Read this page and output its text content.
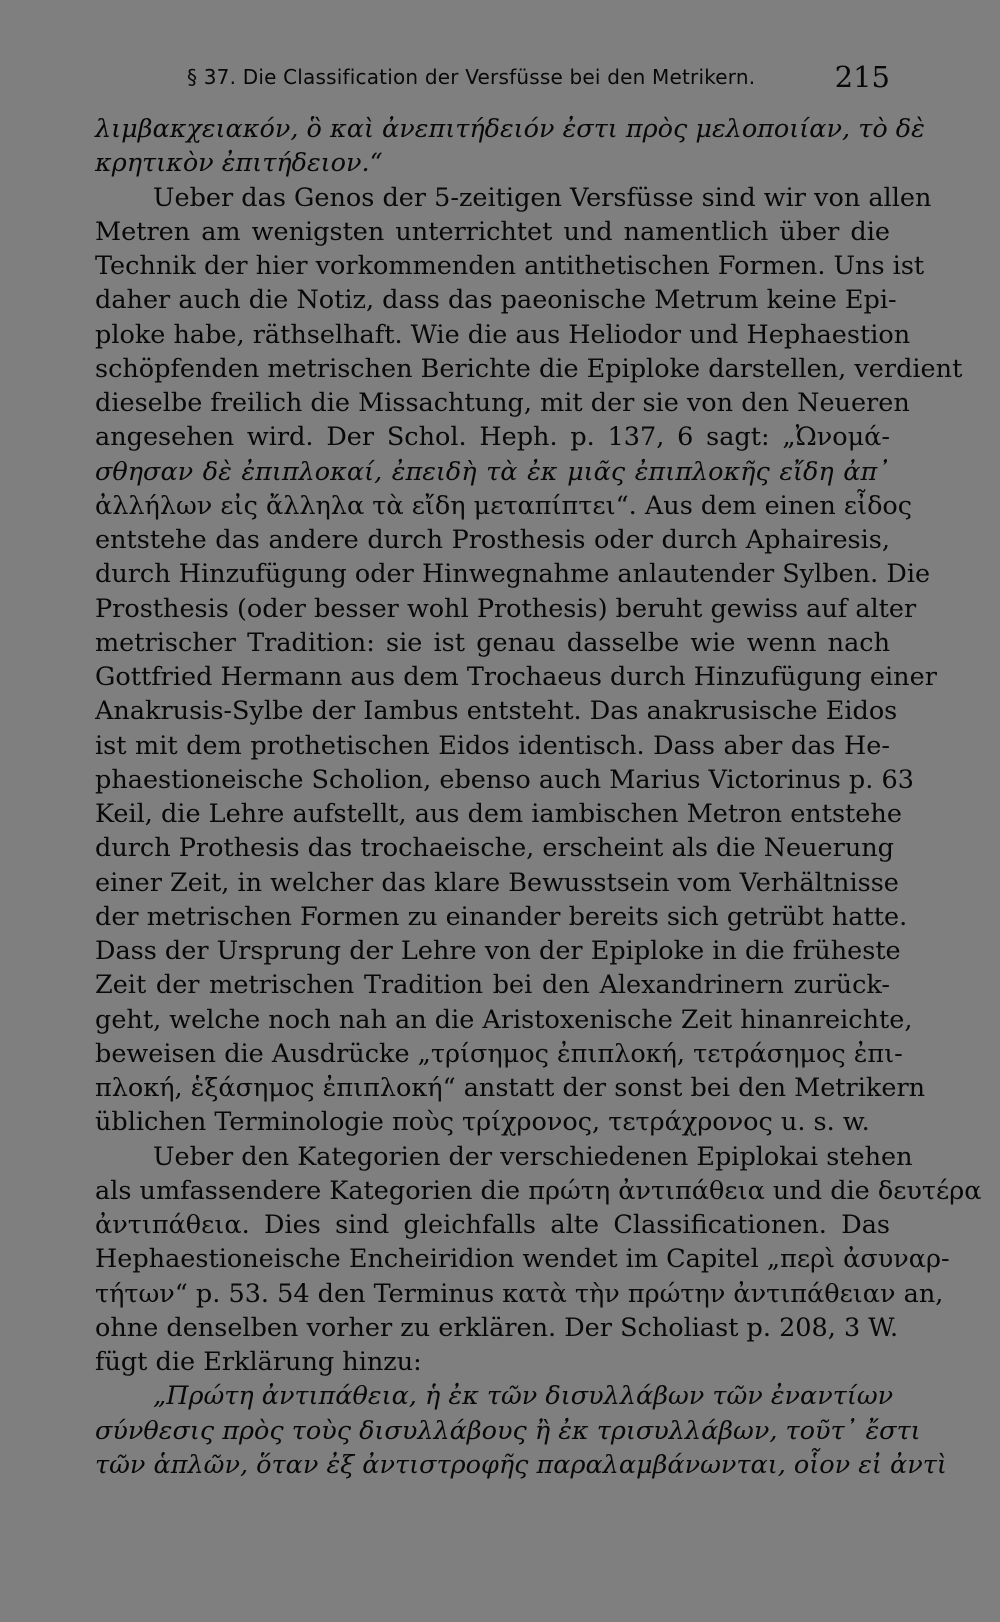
§ 37. Die Classification der Versfüsse bei den Metrikern.	215
λιμβακχειακόν, ὃ καὶ ἀνεπιτήδειόν ἐστι πρὸς μελοποιίαν, τὸ δὲ
κρητικὸν ἐπιτήδειον.“
Ueber das Genos der 5-zeitigen Versfüsse sind wir von allen
Metren am wenigsten unterrichtet und namentlich über die
Technik der hier vorkommenden antithetischen Formen. Uns ist
daher auch die Notiz, dass das paeonische Metrum keine Epi-
ploke habe, räthselhaft. Wie die aus Heliodor und Hephaestion
schöpfenden metrischen Berichte die Epiploke darstellen, verdient
dieselbe freilich die Missachtung, mit der sie von den Neueren
angesehen wird. Der Schol. Heph. p. 137, 6 sagt: „Ὠνομά-
σθησαν δὲ ἐπιπλοκαί, ἐπειδὴ τὰ ἐκ μιᾶς ἐπιπλοκῆς εἴδη ἀπ᾽
ἀλλήλων εἰς ἄλληλα τὰ εἴδη μεταπίπτει“. Aus dem einen εἶδος
entstehe das andere durch Prosthesis oder durch Aphairesis,
durch Hinzufügung oder Hinwegnahme anlautender Sylben. Die
Prosthesis (oder besser wohl Prothesis) beruht gewiss auf alter
metrischer Tradition: sie ist genau dasselbe wie wenn nach
Gottfried Hermann aus dem Trochaeus durch Hinzufügung einer
Anakrusis-Sylbe der Iambus entsteht. Das anakrusische Eidos
ist mit dem prothetischen Eidos identisch. Dass aber das He-
phaestioneische Scholion, ebenso auch Marius Victorinus p. 63
Keil, die Lehre aufstellt, aus dem iambischen Metron entstehe
durch Prothesis das trochaeische, erscheint als die Neuerung
einer Zeit, in welcher das klare Bewusstsein vom Verhältnisse
der metrischen Formen zu einander bereits sich getrübt hatte.
Dass der Ursprung der Lehre von der Epiploke in die früheste
Zeit der metrischen Tradition bei den Alexandrinern zurück-
geht, welche noch nah an die Aristoxenische Zeit hinanreichte,
beweisen die Ausdrücke „τρίσημος ἐπιπλοκή, τετράσημος ἐπι-
πλοκή, ἑξάσημος ἐπιπλοκή“ anstatt der sonst bei den Metrikern
üblichen Terminologie ποὺς τρίχρονος, τετράχρονος u. s. w.
Ueber den Kategorien der verschiedenen Epiplokai stehen
als umfassendere Kategorien die πρώτη ἀντιπάθεια und die δευτέρα
ἀντιπάθεια. Dies sind gleichfalls alte Classificationen. Das
Hephaestioneische Encheiridion wendet im Capitel „περὶ ἀσυναρ-
τήτων“ p. 53. 54 den Terminus κατὰ τὴν πρώτην ἀντιπάθειαν an,
ohne denselben vorher zu erklären. Der Scholiast p. 208, 3 W.
fügt die Erklärung hinzu:
„Πρώτη ἀντιπάθεια, ἡ ἐκ τῶν δισυλλάβων τῶν ἐναντίων
σύνθεσις πρὸς τοὺς δισυλλάβους ἢ ἐκ τρισυλλάβων, τοῦτ᾽ ἔστι
τῶν ἁπλῶν, ὅταν ἐξ ἀντιστροφῆς παραλαμβάνωνται, οἷον εἰ ἀντὶ
